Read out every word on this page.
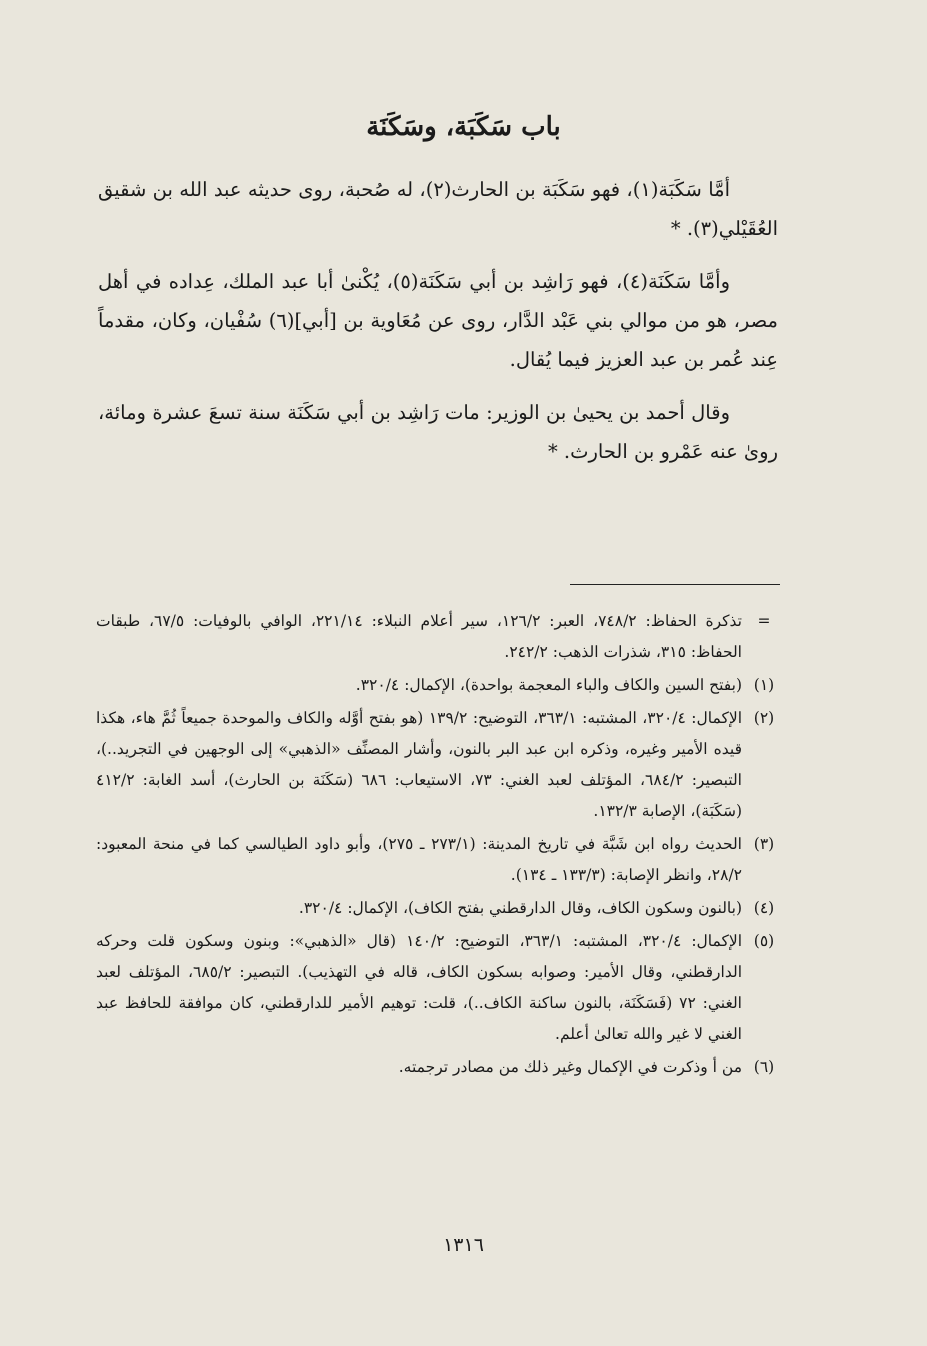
باب سَكَبَة، وسَكَنَة

أمَّا سَكَبَة(١)، فهو سَكَبَة بن الحارث(٢)، له صُحبة، روى حديثه عبد الله بن شقيق العُقَيْلي(٣). *

وأمَّا سَكَنَة(٤)، فهو رَاشِد بن أبي سَكَنَة(٥)، يُكْنىٰ أبا عبد الملك، عِداده في أهل مصر، هو من موالي بني عَبْد الدَّار، روى عن مُعَاوية بن [أبي](٦) سُفْيان، وكان، مقدماً عِند عُمر بن عبد العزيز فيما يُقال.

وقال أحمد بن يحيىٰ بن الوزير: مات رَاشِد بن أبي سَكَنَة سنة تسعَ عشرة ومائة، روىٰ عنه عَمْرو بن الحارث. *

=
تذكرة الحفاظ: ٧٤٨/٢، العبر: ١٢٦/٢، سير أعلام النبلاء: ٢٢١/١٤، الوافي بالوفيات: ٦٧/٥، طبقات الحفاظ: ٣١٥، شذرات الذهب: ٢٤٢/٢.
(١)
(بفتح السين والكاف والباء المعجمة بواحدة)، الإكمال: ٣٢٠/٤.
(٢)
الإكمال: ٣٢٠/٤، المشتبه: ٣٦٣/١، التوضيح: ١٣٩/٢ (هو بفتح أوَّله والكاف والموحدة جميعاً ثُمَّ هاء، هكذا قيده الأمير وغيره، وذكره ابن عبد البر بالنون، وأشار المصنِّف «الذهبي» إلى الوجهين في التجريد..)، التبصير: ٦٨٤/٢، المؤتلف لعبد الغني: ٧٣، الاستيعاب: ٦٨٦ (سَكَنَة بن الحارث)، أسد الغابة: ٤١٢/٢ (سَكَبَة)، الإصابة ١٣٢/٣.
(٣)
الحديث رواه ابن شَبَّة في تاريخ المدينة: (٢٧٣/١ ـ ٢٧٥)، وأبو داود الطيالسي كما في منحة المعبود: ٢٨/٢، وانظر الإصابة: (١٣٣/٣ ـ ١٣٤).
(٤)
(بالنون وسكون الكاف، وقال الدارقطني بفتح الكاف)، الإكمال: ٣٢٠/٤.
(٥)
الإكمال: ٣٢٠/٤، المشتبه: ٣٦٣/١، التوضيح: ١٤٠/٢ (قال «الذهبي»: وبنون وسكون قلت وحركه الدارقطني، وقال الأمير: وصوابه بسكون الكاف، قاله في التهذيب). التبصير: ٦٨٥/٢، المؤتلف لعبد الغني: ٧٢ (فَسَكَنَة، بالنون ساكنة الكاف..)، قلت: توهيم الأمير للدارقطني، كان موافقة للحافظ عبد الغني لا غير والله تعالىٰ أعلم.
(٦)
من أ وذكرت في الإكمال وغير ذلك من مصادر ترجمته.
١٣١٦
